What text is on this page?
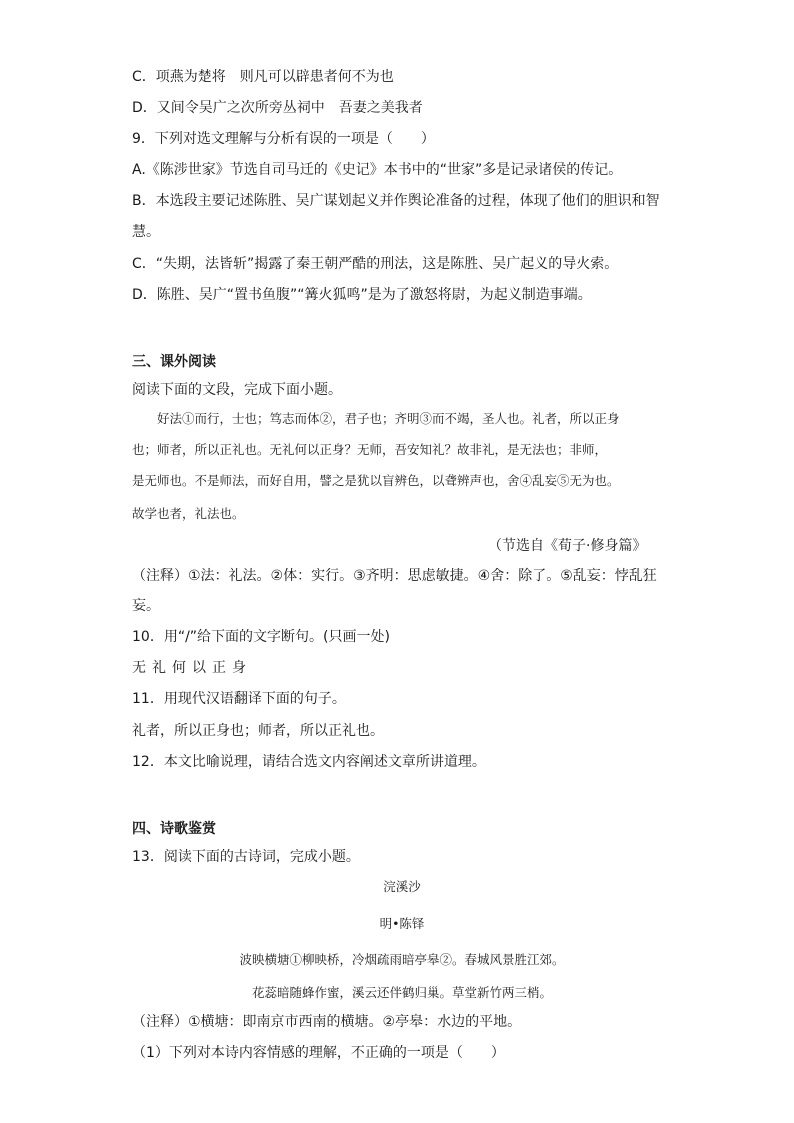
C．项燕为楚将　则凡可以辟患者何不为也
D．又间令吴广之次所旁丛祠中　吾妻之美我者
9．下列对选文理解与分析有误的一项是（　　）
A.《陈涉世家》节选自司马迁的《史记》本书中的“世家”多是记录诸侯的传记。
B．本选段主要记述陈胜、吴广谋划起义并作舆论准备的过程，体现了他们的胆识和智
慧。
C．“失期，法皆斩”揭露了秦王朝严酷的刑法，这是陈胜、吴广起义的导火索。
D．陈胜、吴广“置书鱼腹”“篝火狐鸣”是为了激怒将尉，为起义制造事端。
三、课外阅读
阅读下面的文段，完成下面小题。
　　好法①而行，士也；笃志而体②，君子也；齐明③而不竭，圣人也。礼者，所以正身
也；师者，所以正礼也。无礼何以正身？无师，吾安知礼？故非礼，是无法也；非师，
是无师也。不是师法，而好自用，譬之是犹以盲辨色，以聋辨声也，舍④乱妄⑤无为也。
故学也者，礼法也。
（节选自《荀子·修身篇》
（注释）①法：礼法。②体：实行。③齐明：思虑敏捷。④舍：除了。⑤乱妄：悖乱狂
妄。
10．用“/”给下面的文字断句。(只画一处)
无礼何以正身
11．用现代汉语翻译下面的句子。
礼者，所以正身也；师者，所以正礼也。
12．本文比喻说理，请结合选文内容阐述文章所讲道理。
四、诗歌鉴赏
13．阅读下面的古诗词，完成小题。
浣溪沙
明•陈铎
波映横塘①柳映桥，冷烟疏雨暗亭皋②。春城风景胜江郊。
花蕊暗随蜂作蜜，溪云还伴鹤归巢。草堂新竹两三梢。
（注释）①横塘：即南京市西南的横塘。②亭皋：水边的平地。
（1）下列对本诗内容情感的理解，不正确的一项是（　　）
